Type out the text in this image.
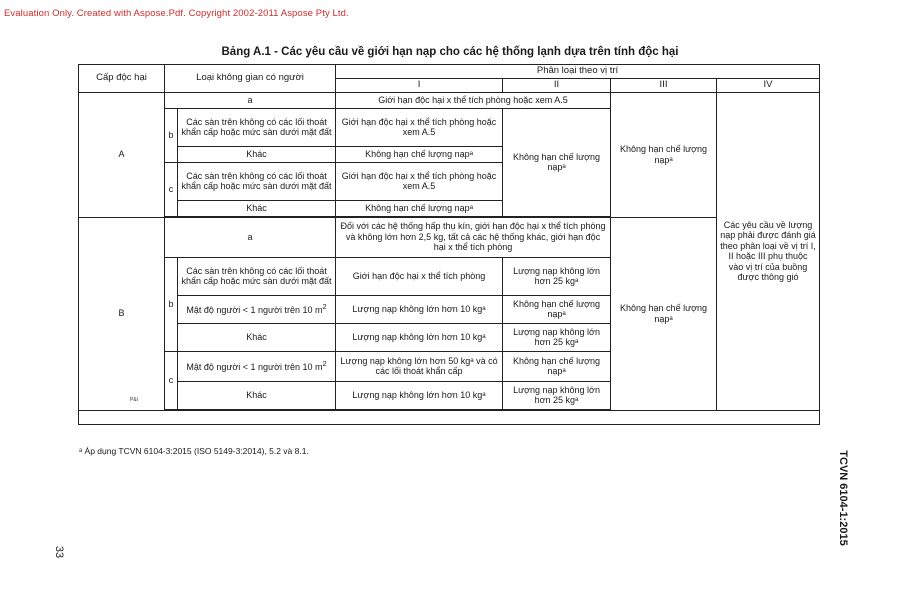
Evaluation Only. Created with Aspose.Pdf. Copyright 2002-2011 Aspose Pty Ltd.
Bảng A.1 - Các yêu cầu về giới hạn nạp cho các hệ thống lạnh dựa trên tính độc hại
Cấp độc hại	Loại không gian có người		Phân loại theo vị trí			
			I	II	III	IV
A	a		Giới hạn độc hại x thể tích phòng hoặc xem A.5		Không hạn chế lượng nạpᵃ	Các yêu cầu về lượng nạp phải được đánh giá theo phân loại về vị trí I, II hoặc III phụ thuộc vào vị trí của buồng được thông gió
	b	Các sàn trên không có các lối thoát khẩn cấp hoặc mức sàn dưới mặt đất	Giới hạn độc hại x thể tích phòng hoặc xem A.5	Không hạn chế lượng nạpᵃ		
		Khác	Không hạn chế lượng nạpᵃ			
	c	Các sàn trên không có các lối thoát khẩn cấp hoặc mức sàn dưới mặt đất	Giới hạn độc hại x thể tích phòng hoặc xem A.5			
		Khác	Không hạn chế lượng nạpᵃ			

B	a		Đối với các hệ thống hấp thụ kín, giới hạn độc hại x thể tích phòng và không lớn hơn 2,5 kg, tất cả các hệ thống khác, giới hạn độc hại x thể tích phòng		Không hạn chế lượng nạpᵃ	
	b	Các sàn trên không có các lối thoát khẩn cấp hoặc mức sàn dưới mặt đất	Giới hạn độc hại x thể tích phòng	Lượng nạp không lớn hơn 25 kgᵃ		
		Mật độ người < 1 người trên 10 $m^2$	Lượng nạp không lớn hơn 10 kgᵃ	Không hạn chế lượng nạpᵃ		
		Khác	Lượng nạp không lớn hơn 10 kgᵃ	Lượng nạp không lớn hơn 25 kgᵃ		
	c	Mật độ người < 1 người trên 10 $m^2$	Lượng nạp không lớn hơn 50 kgᵃ và có các lối thoát khẩn cấp	Không hạn chế lượng nạpᵃ		
		Khác	Lượng nạp không lớn hơn 10 kgᵃ	Lượng nạp không lớn hơn 25 kgᵃ		

ᵃ Áp dụng TCVN 6104-3:2015 (ISO 5149-3:2014), 5.2 và 8.1.
P&I
TCVN 6104-1:2015
33
